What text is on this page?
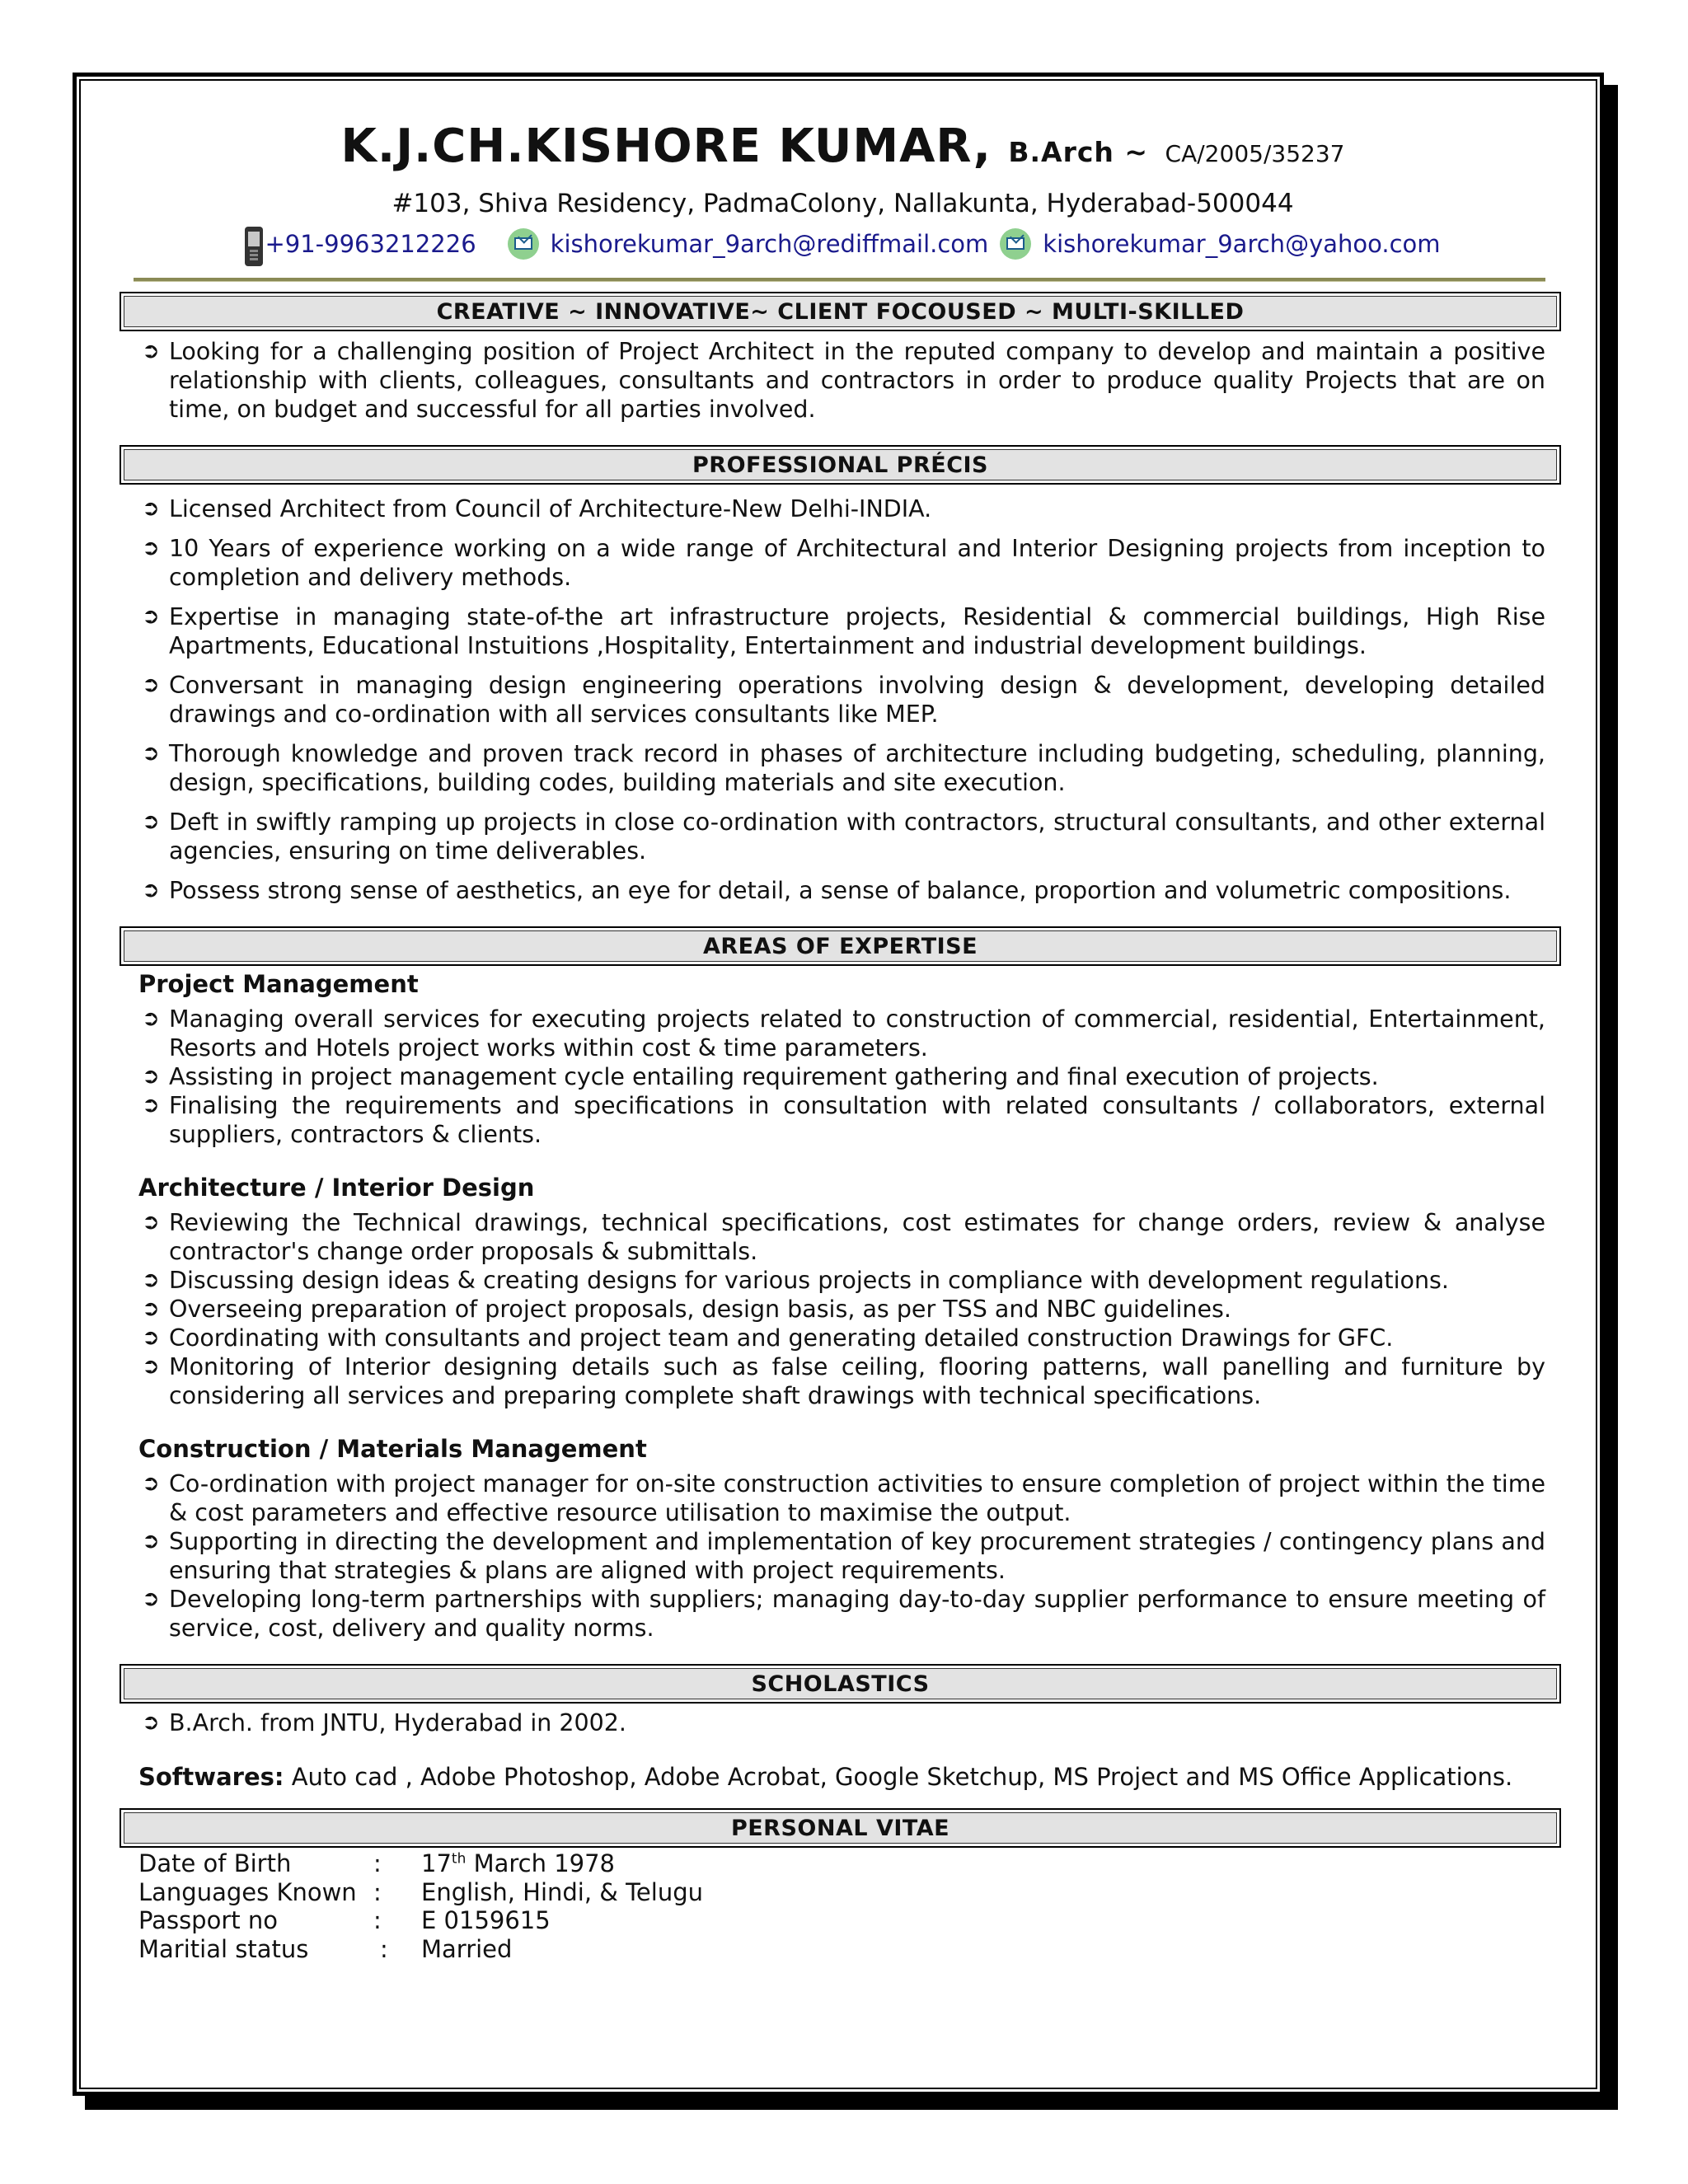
K.J.CH.KISHORE KUMAR, B.Arch ~ CA/2005/35237
#103, Shiva Residency, PadmaColony, Nallakunta, Hyderabad-500044
+91-9963212226	kishorekumar_9arch@rediffmail.com kishorekumar_9arch@yahoo.com
CREATIVE ~ INNOVATIVE~ CLIENT FOCOUSED ~ MULTI-SKILLED
➲ Looking for a challenging position of Project Architect in the reputed company to develop and maintain a positive relationship with clients, colleagues, consultants and contractors in order to produce quality Projects that are on time, on budget and successful for all parties involved.
PROFESSIONAL PRÉCIS
➲ Licensed Architect from Council of Architecture-New Delhi-INDIA.
➲ 10 Years of experience working on a wide range of Architectural and Interior Designing projects from inception to completion and delivery methods.
➲ Expertise in managing state-of-the art infrastructure projects, Residential & commercial buildings, High Rise Apartments, Educational Instuitions ,Hospitality, Entertainment and industrial development buildings.
➲ Conversant in managing design engineering operations involving design & development, developing detailed drawings and co-ordination with all services consultants like MEP.
➲ Thorough knowledge and proven track record in phases of architecture including budgeting, scheduling, planning, design, specifications, building codes, building materials and site execution.
➲ Deft in swiftly ramping up projects in close co-ordination with contractors, structural consultants, and other external agencies, ensuring on time deliverables.
➲ Possess strong sense of aesthetics, an eye for detail, a sense of balance, proportion and volumetric compositions.
AREAS OF EXPERTISE
Project Management
➲ Managing overall services for executing projects related to construction of commercial, residential, Entertainment, Resorts and Hotels project works within cost & time parameters.
➲ Assisting in project management cycle entailing requirement gathering and final execution of projects.
➲ Finalising the requirements and specifications in consultation with related consultants / collaborators, external suppliers, contractors & clients.
Architecture / Interior Design
➲ Reviewing the Technical drawings, technical specifications, cost estimates for change orders, review & analyse contractor's change order proposals & submittals.
➲ Discussing design ideas & creating designs for various projects in compliance with development regulations.
➲ Overseeing preparation of project proposals, design basis, as per TSS and NBC guidelines.
➲ Coordinating with consultants and project team and generating detailed construction Drawings for GFC.
➲ Monitoring of Interior designing details such as false ceiling, flooring patterns, wall panelling and furniture by considering all services and preparing complete shaft drawings with technical specifications.
Construction / Materials Management
➲ Co-ordination with project manager for on-site construction activities to ensure completion of project within the time & cost parameters and effective resource utilisation to maximise the output.
➲ Supporting in directing the development and implementation of key procurement strategies / contingency plans and ensuring that strategies & plans are aligned with project requirements.
➲ Developing long-term partnerships with suppliers; managing day-to-day supplier performance to ensure meeting of service, cost, delivery and quality norms.
SCHOLASTICS
➲ B.Arch. from JNTU, Hyderabad in 2002.
Softwares: Auto cad , Adobe Photoshop, Adobe Acrobat, Google Sketchup, MS Project and MS Office Applications.
PERSONAL VITAE
Date of Birth	:	17th March 1978
Languages Known	:	English, Hindi, & Telugu
Passport no	:	E 0159615
Maritial status	:	Married
